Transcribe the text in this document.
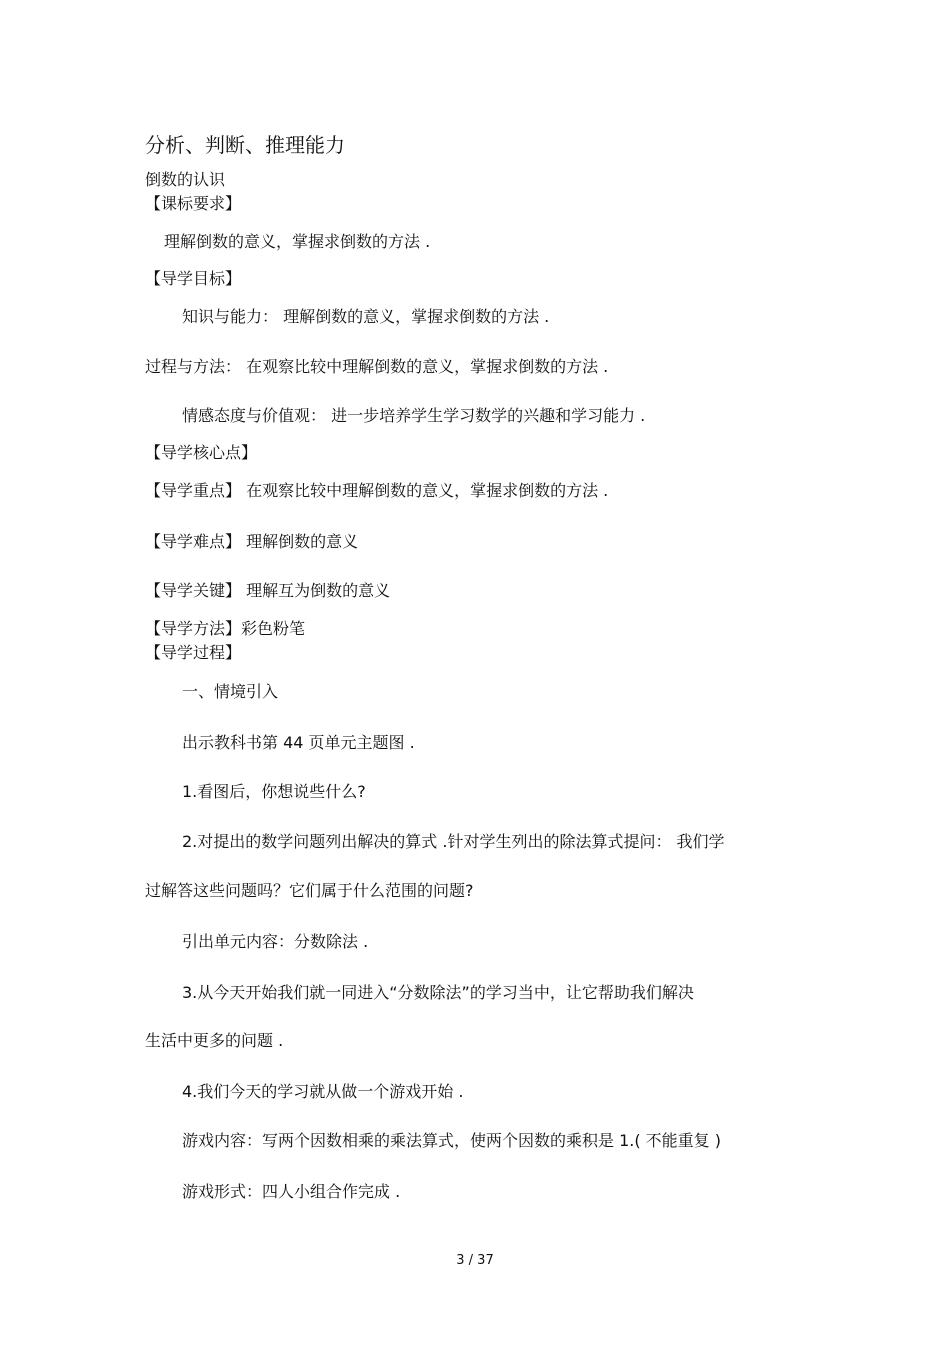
分析、判断、推理能力
倒数的认识
【课标要求】
理解倒数的意义，掌握求倒数的方法 .
【导学目标】
知识与能力： 理解倒数的意义，掌握求倒数的方法 .
过程与方法： 在观察比较中理解倒数的意义，掌握求倒数的方法 .
情感态度与价值观： 进一步培养学生学习数学的兴趣和学习能力 .
【导学核心点】
【导学重点】 在观察比较中理解倒数的意义，掌握求倒数的方法 .
【导学难点】 理解倒数的意义
【导学关键】 理解互为倒数的意义
【导学方法】彩色粉笔
【导学过程】
一、情境引入
出示教科书第 44 页单元主题图 .
1.看图后，你想说些什么?
2.对提出的数学问题列出解决的算式 .针对学生列出的除法算式提问： 我们学
过解答这些问题吗？它们属于什么范围的问题?
引出单元内容：分数除法 .
3.从今天开始我们就一同进入“分数除法”的学习当中，让它帮助我们解决
生活中更多的问题 .
4.我们今天的学习就从做一个游戏开始 .
游戏内容：写两个因数相乘的乘法算式，使两个因数的乘积是 1.( 不能重复 )
游戏形式：四人小组合作完成 .
3 / 37
